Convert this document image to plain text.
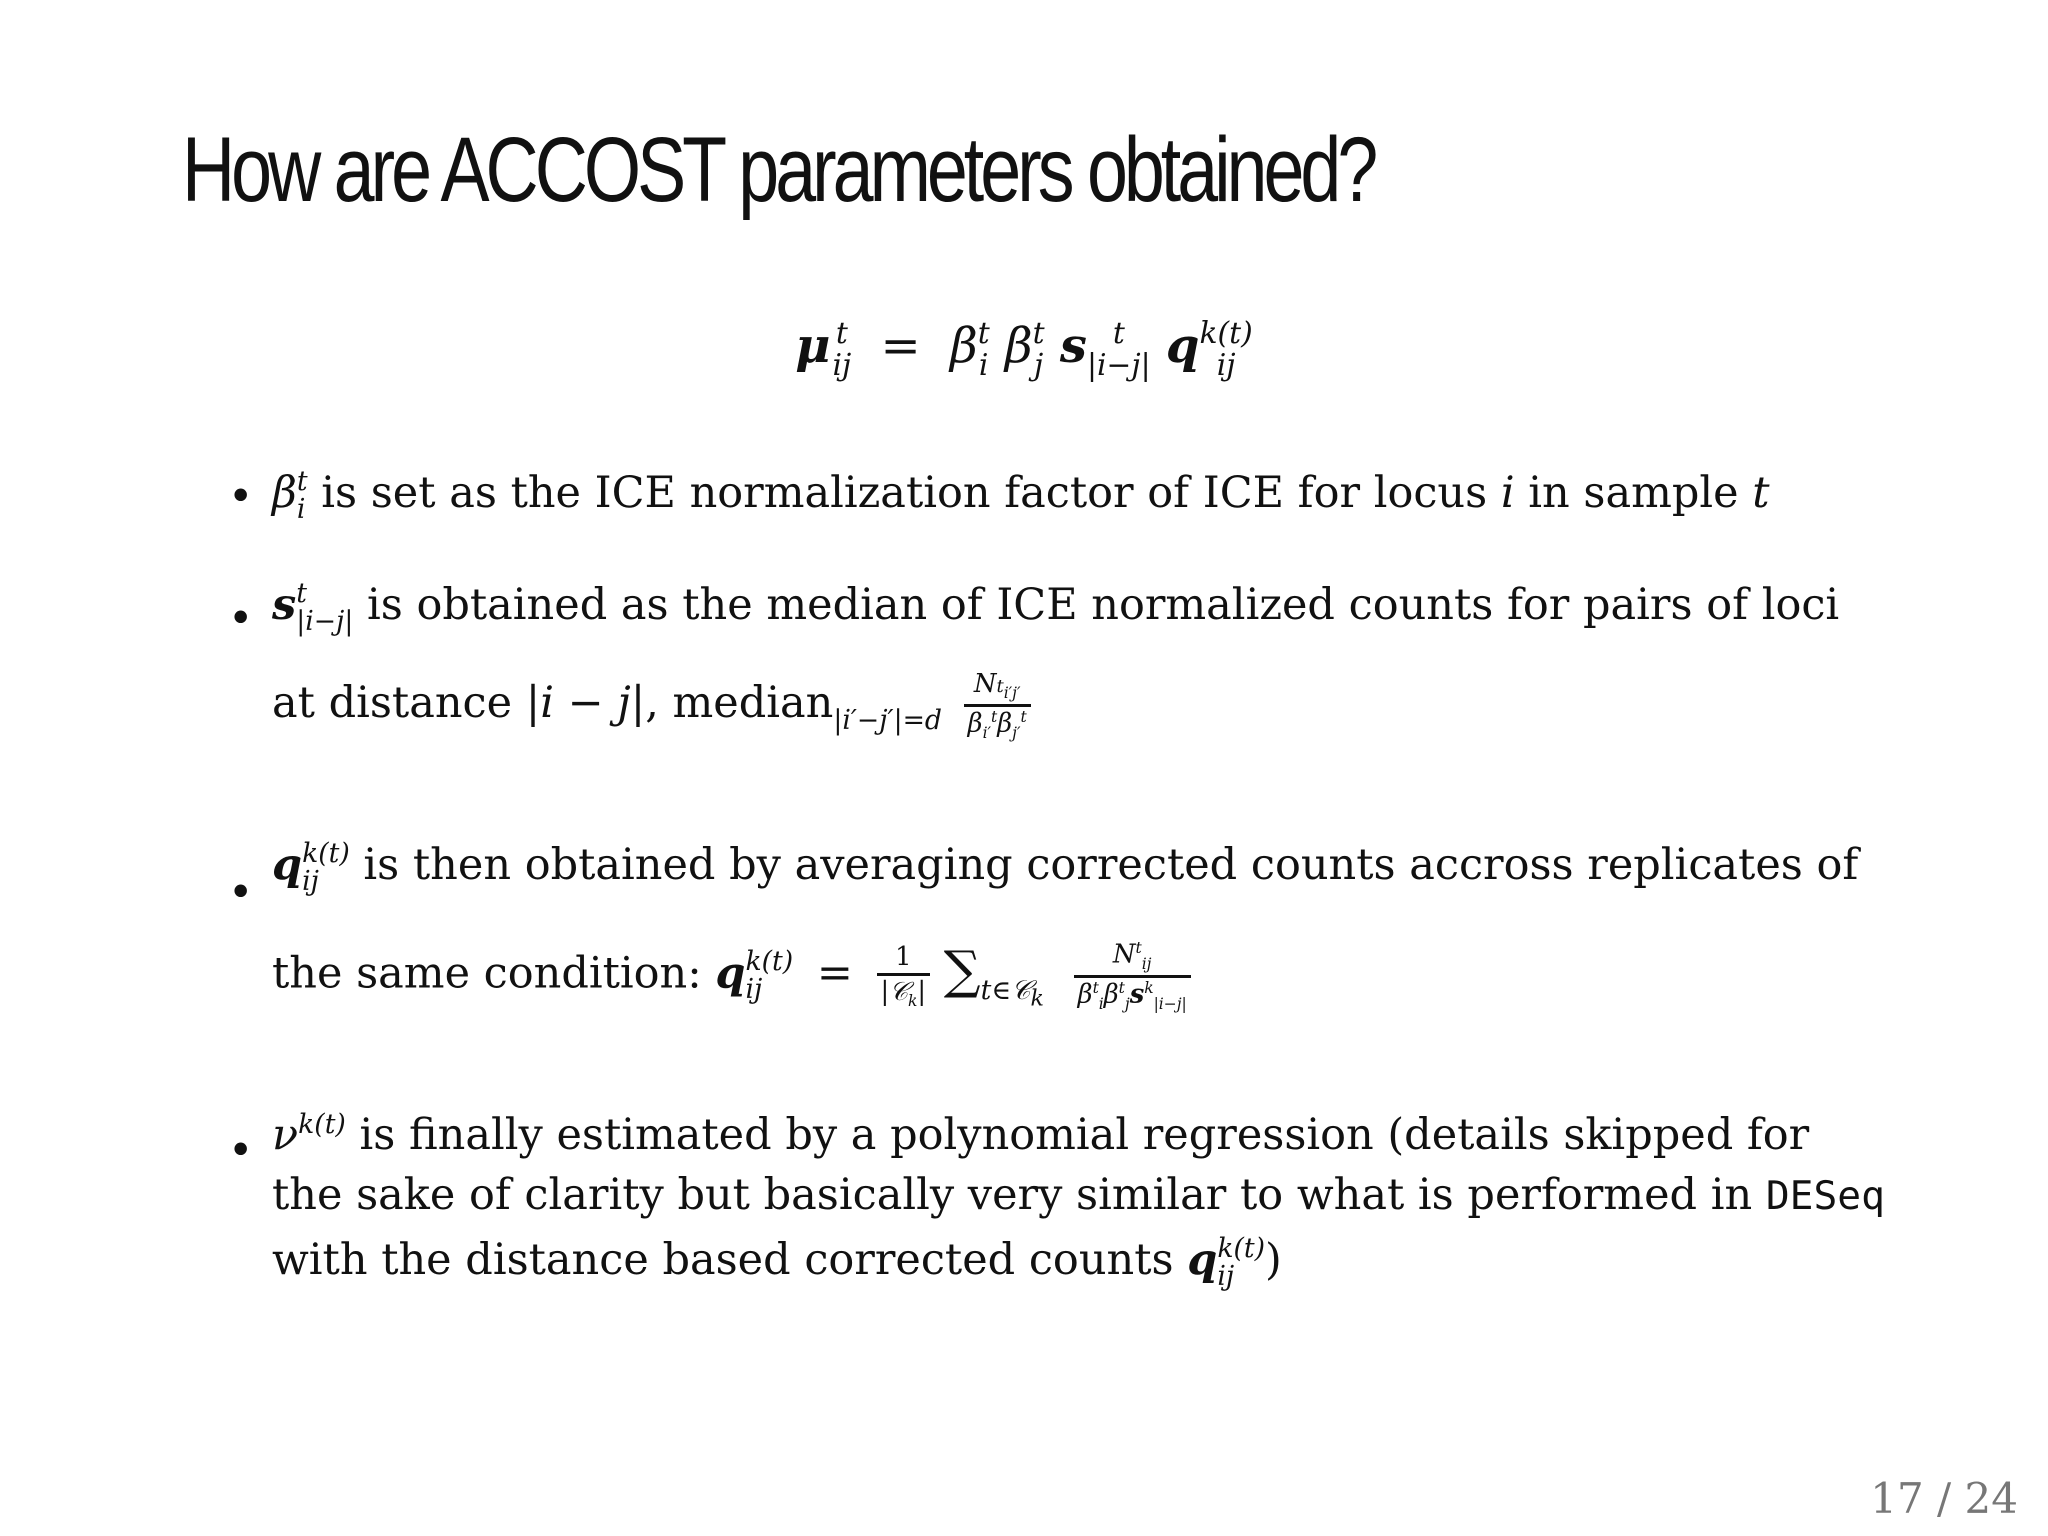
How are ACCOST parameters obtained?
μ t
ij = β t
i β t
j s t
|i−j| q k(t)
ij
• β t
i is set as the ICE normalization factor of ICE for locus i in sample t
• s t
|i−j| is obtained as the median of ICE normalized counts for pairs of loci
at distance |i − j|, median$_{|i'-j'|=d}$ $\frac{Nt_{i'j'}}{\beta_{i'}^t\beta_{j'}^t}$
•
q k(t)
ij is then obtained by averaging corrected counts accross replicates of
the same condition: q k(t)
ij	= $\frac{1}{|𝒞_k|} \sum_{t\in 𝒞_k} \frac{N^t_{ij}}{\beta^t_i\beta^t_js^k_{|i-j|}}$
• $\nu^{k(t)}$ is finally estimated by a polynomial regression (details skipped for
the sake of clarity but basically very similar to what is performed in DESeq
with the distance based corrected counts q k(t)
ij )
17 / 24
